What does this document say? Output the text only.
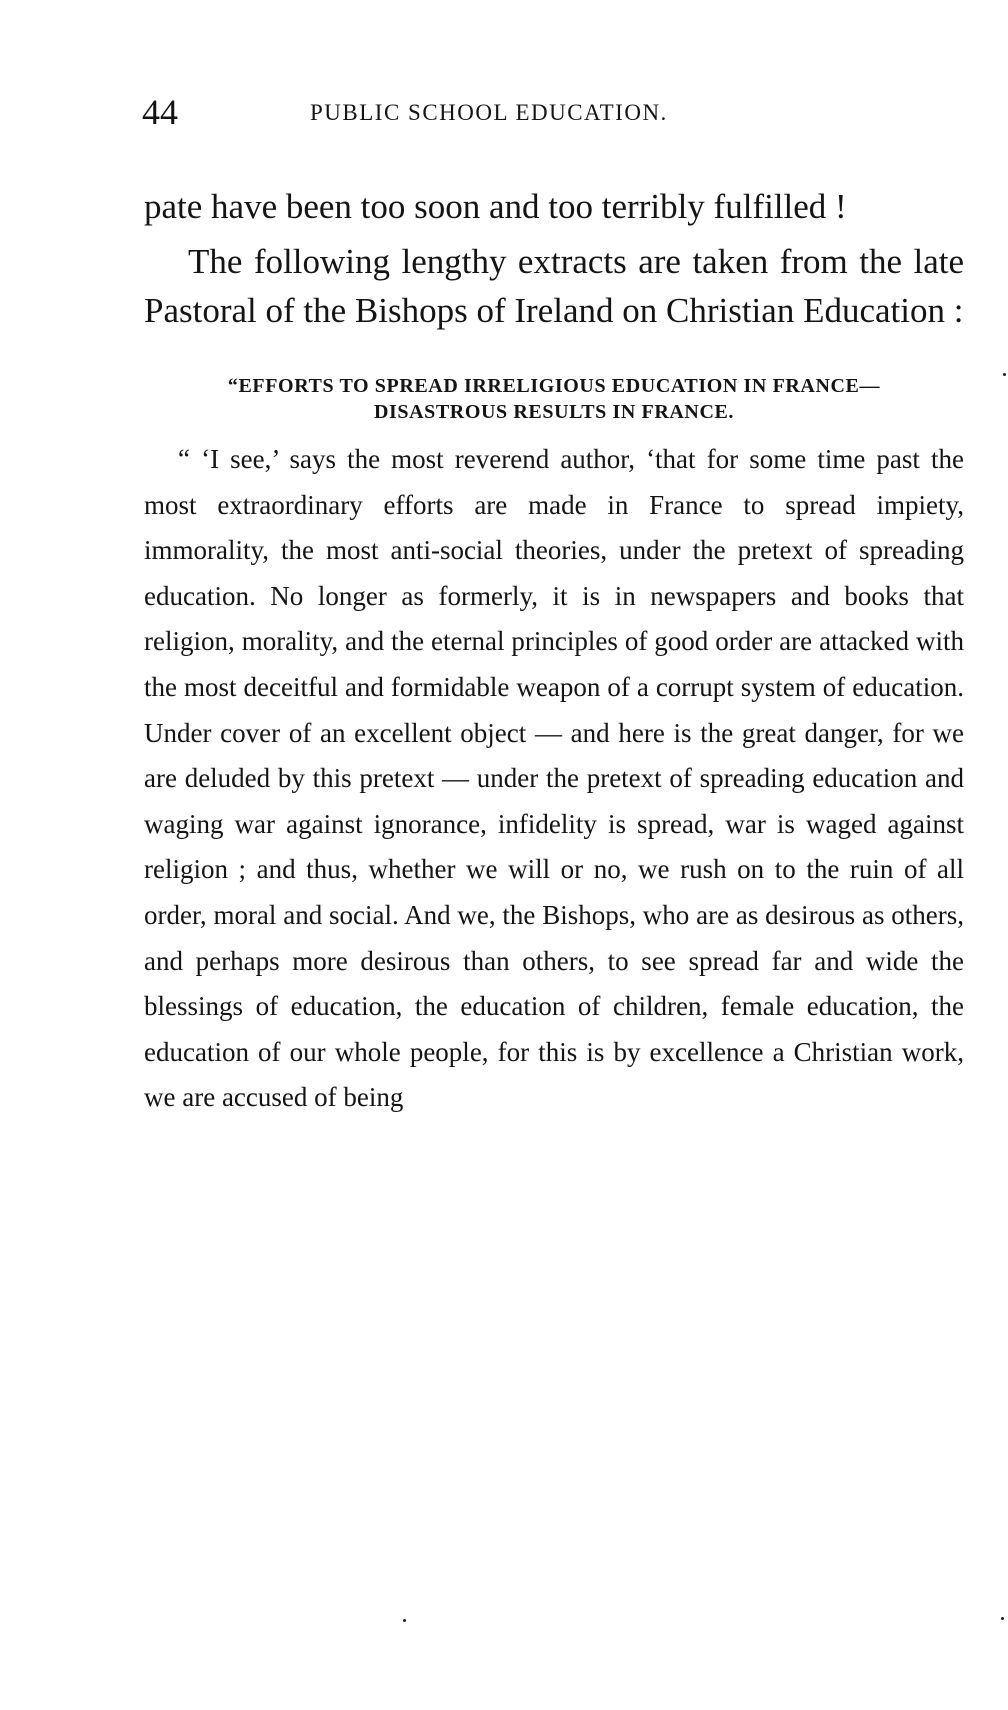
44	PUBLIC SCHOOL EDUCATION.

pate have been too soon and too terribly fulfilled !

The following lengthy extracts are taken from the late Pastoral of the Bishops of Ireland on Christian Education :

“EFFORTS TO SPREAD IRRELIGIOUS EDUCATION IN FRANCE—
DISASTROUS RESULTS IN FRANCE.

“ ‘I see,’ says the most reverend author, ‘that for some time past the most extraordinary efforts are made in France to spread impiety, immorality, the most anti-social theories, under the pretext of spreading education. No longer as formerly, it is in newspapers and books that religion, morality, and the eternal principles of good order are attacked with the most deceitful and formidable weapon of a corrupt system of education. Under cover of an excellent object — and here is the great danger, for we are deluded by this pretext — under the pretext of spreading education and waging war against ignorance, infidelity is spread, war is waged against religion ; and thus, whether we will or no, we rush on to the ruin of all order, moral and social. And we, the Bishops, who are as desirous as others, and perhaps more desirous than others, to see spread far and wide the blessings of education, the education of children, female education, the education of our whole people, for this is by excellence a Christian work, we are accused of being
